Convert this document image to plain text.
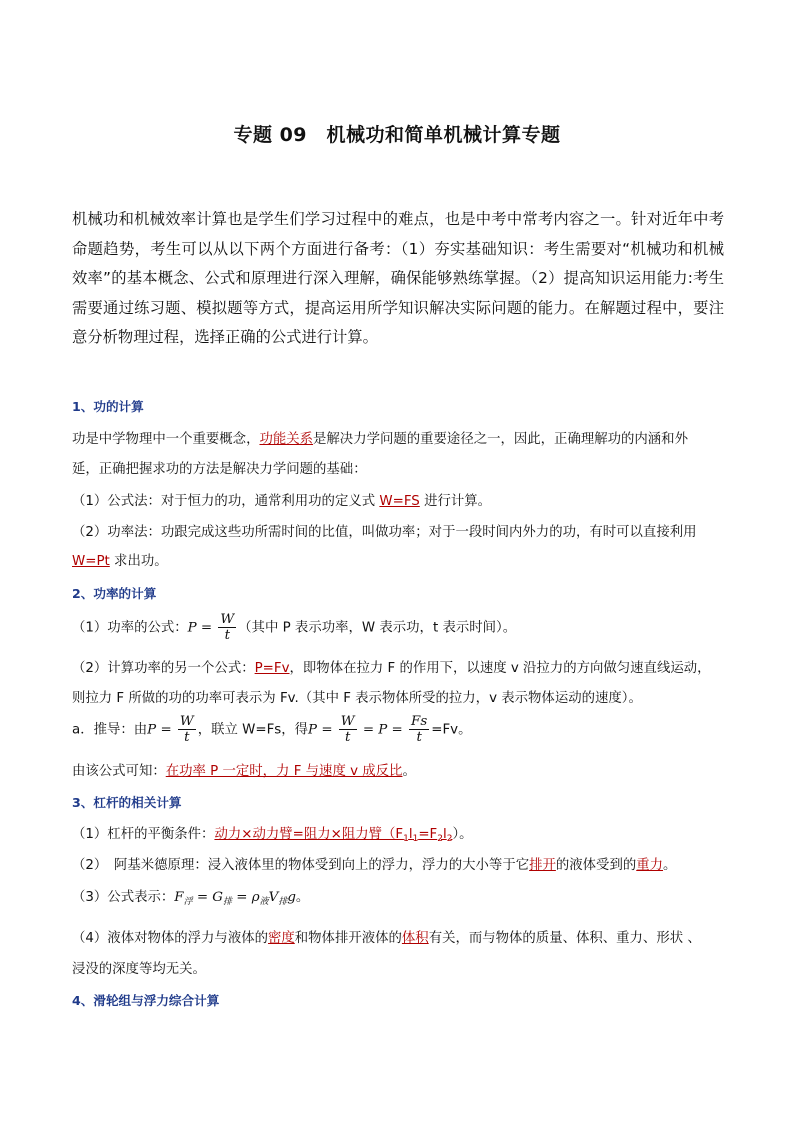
专题 09　机械功和简单机械计算专题
机械功和机械效率计算也是学生们学习过程中的难点，也是中考中常考内容之一。针对近年中考命题趋势，考生可以从以下两个方面进行备考：（1）夯实基础知识：考生需要对“机械功和机械效率”的基本概念、公式和原理进行深入理解，确保能够熟练掌握。（2）提高知识运用能力:考生需要通过练习题、模拟题等方式，提高运用所学知识解决实际问题的能力。在解题过程中，要注意分析物理过程，选择正确的公式进行计算。
1、功的计算
功是中学物理中一个重要概念，功能关系是解决力学问题的重要途径之一，因此，正确理解功的内涵和外
延，正确把握求功的方法是解决力学问题的基础：
（1）公式法：对于恒力的功，通常利用功的定义式 W=FS 进行计算。
（2）功率法：功跟完成这些功所需时间的比值，叫做功率；对于一段时间内外力的功，有时可以直接利用
W=Pt 求出功。
2、功率的计算
（1）功率的公式：$P = \frac{W}{t}$ （其中 P 表示功率，W 表示功，t 表示时间）。
（2）计算功率的另一个公式：P=Fv，即物体在拉力 F 的作用下，以速度 v 沿拉力的方向做匀速直线运动，
则拉力 F 所做的功的功率可表示为 Fv.（其中 F 表示物体所受的拉力，v 表示物体运动的速度）。
a．推导：由$P = \frac{W}{t}$ ，联立 W=Fs，得$P = \frac{W}{t} = P = \frac{Fs}{t} =Fv$。
由该公式可知：在功率 P 一定时，力 F 与速度 v 成反比。
3、杠杆的相关计算
（1）杠杆的平衡条件：动力×动力臂=阻力×阻力臂$(F_1l_1=F_2l_2)$。
（2）　阿基米德原理：浸入液体里的物体受到向上的浮力，浮力的大小等于它排开的液体受到的重力。
（3）公式表示：$F_浮 = G_排 = \rho_液V_排g$。
（4）液体对物体的浮力与液体的密度和物体排开液体的体积有关，而与物体的质量、体积、重力、形状 、
浸没的深度等均无关。
4、滑轮组与浮力综合计算
